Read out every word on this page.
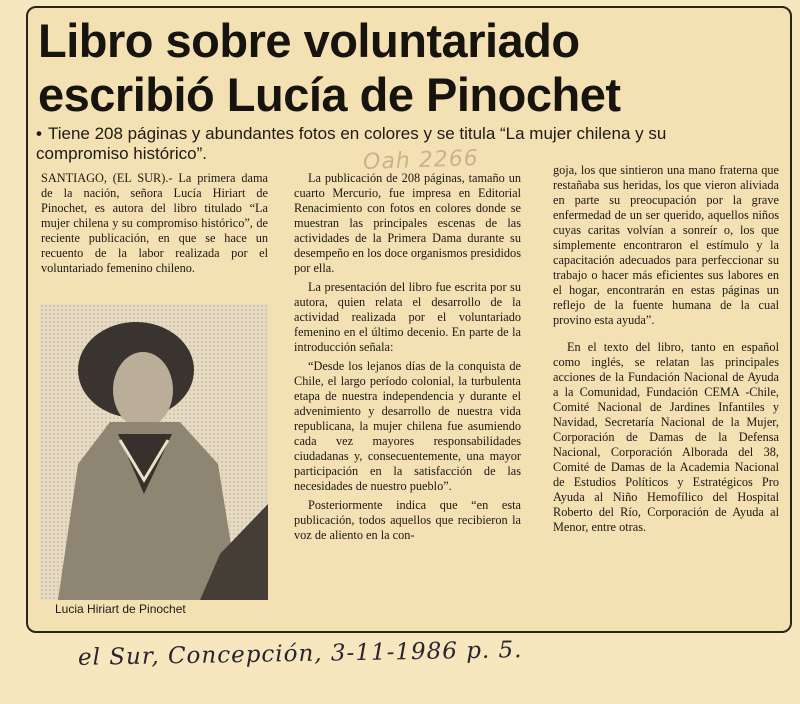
Libro sobre voluntariado
escribió Lucía de Pinochet

• Tiene 208 páginas y abundantes fotos en colores y se titula “La mujer chilena y su compromiso histórico”.	Oah 2266

SANTIAGO, (EL SUR).- La primera dama de la nación, señora Lucía Hiriart de Pinochet, es autora del libro titulado “La mujer chilena y su compromiso histórico”, de reciente publicación, en que se hace un recuento de la labor realizada por el voluntariado femenino chileno.

Lucia Hiriart de Pinochet

La publicación de 208 páginas, tamaño un cuarto Mercurio, fue impresa en Editorial Renacimiento con fotos en colores donde se muestran las principales escenas de las actividades de la Primera Dama durante su desempeño en los doce organismos presididos por ella.

La presentación del libro fue escrita por su autora, quien relata el desarrollo de la actividad realizada por el voluntariado femenino en el último decenio. En parte de la introducción señala:

“Desde los lejanos días de la conquista de Chile, el largo período colonial, la turbulenta etapa de nuestra independencia y durante el advenimiento y desarrollo de nuestra vida republicana, la mujer chilena fue asumiendo cada vez mayores responsabilidades ciudadanas y, consecuentemente, una mayor participación en la satisfacción de las necesidades de nuestro pueblo”.

Posteriormente indica que “en esta publicación, todos aquellos que recibieron la voz de aliento en la con-

goja, los que sintieron una mano fraterna que restañaba sus heridas, los que vieron aliviada en parte su preocupación por la grave enfermedad de un ser querido, aquellos niños cuyas caritas volvían a sonreír o, los que simplemente encontraron el estímulo y la capacitación adecuados para perfeccionar su trabajo o hacer más eficientes sus labores en el hogar, encontrarán en estas páginas un reflejo de la fuente humana de la cual provino esta ayuda”.

En el texto del libro, tanto en español como inglés, se relatan las principales acciones de la Fundación Nacional de Ayuda a la Comunidad, Fundación CEMA -Chile, Comité Nacional de Jardines Infantiles y Navidad, Secretaría Nacional de la Mujer, Corporación de Damas de la Defensa Nacional, Corporación Alborada del 38, Comité de Damas de la Academia Nacional de Estudios Políticos y Estratégicos Pro Ayuda al Niño Hemofílico del Hospital Roberto del Río, Corporación de Ayuda al Menor, entre otras.

el Sur, Concepción, 3-11-1986 p. 5.
